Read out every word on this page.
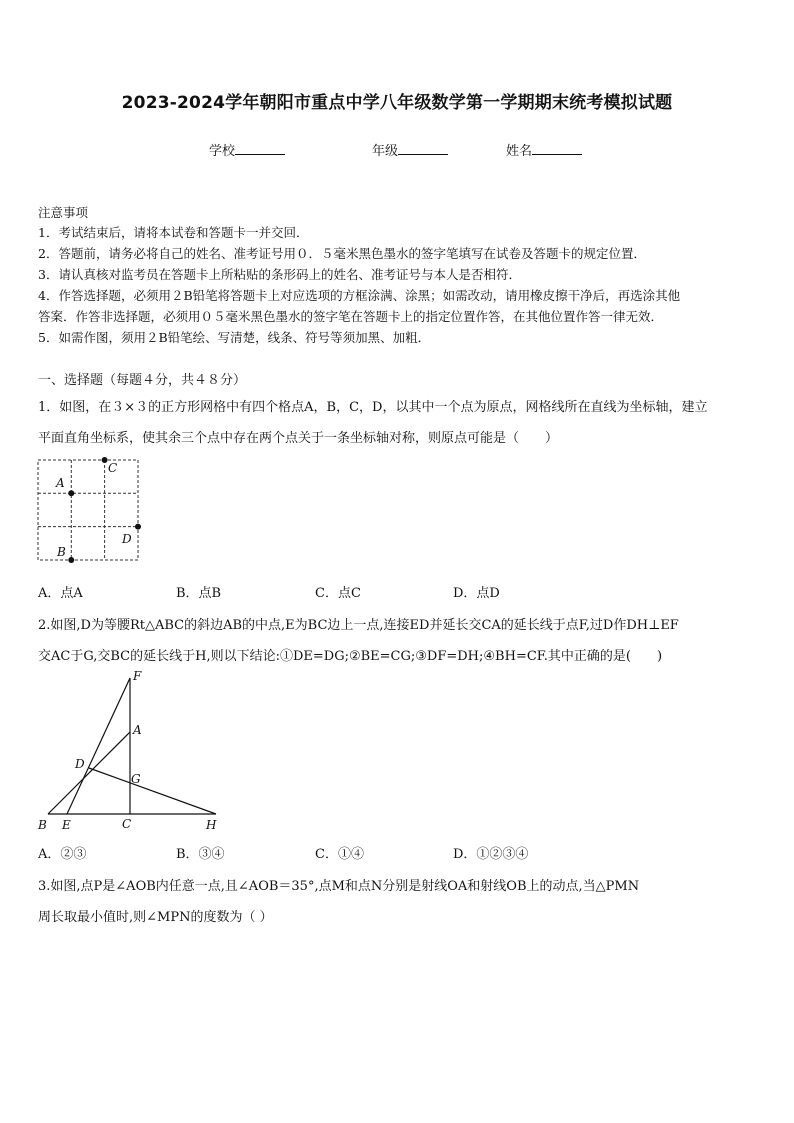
2023-2024学年朝阳市重点中学八年级数学第一学期期末统考模拟试题
学校	年级	姓名
注意事项
1．考试结束后，请将本试卷和答题卡一并交回．
2．答题前，请务必将自己的姓名、准考证号用０．５毫米黑色墨水的签字笔填写在试卷及答题卡的规定位置．
3．请认真核对监考员在答题卡上所粘贴的条形码上的姓名、准考证号与本人是否相符．
4．作答选择题，必须用２B铅笔将答题卡上对应选项的方框涂满、涂黑；如需改动，请用橡皮擦干净后，再选涂其他
答案．作答非选择题，必须用０５毫米黑色墨水的签字笔在答题卡上的指定位置作答，在其他位置作答一律无效．
5．如需作图，须用２B铅笔绘、写清楚，线条、符号等须加黑、加粗．
一、选择题（每题４分，共４８分）
1．如图，在３×３的正方形网格中有四个格点A，B，C，D，以其中一个点为原点，网格线所在直线为坐标轴，建立
平面直角坐标系，使其余三个点中存在两个点关于一条坐标轴对称，则原点可能是（　　）
C
A
D
B
A．点A	B．点B	C．点C	D．点D
2.如图,D为等腰Rt△ABC的斜边AB的中点,E为BC边上一点,连接ED并延长交CA的延长线于点F,过D作DH⊥EF
交AC于G,交BC的延长线于H,则以下结论:①DE=DG;②BE=CG;③DF=DH;④BH=CF.其中正确的是(　　)
F
A
D
G
B E	C	H
A．②③	B．③④	C．①④	D．①②③④
3.如图,点P是∠AOB内任意一点,且∠AOB＝35°,点M和点N分别是射线OA和射线OB上的动点,当△PMN
周长取最小值时,则∠MPN的度数为（ ）
